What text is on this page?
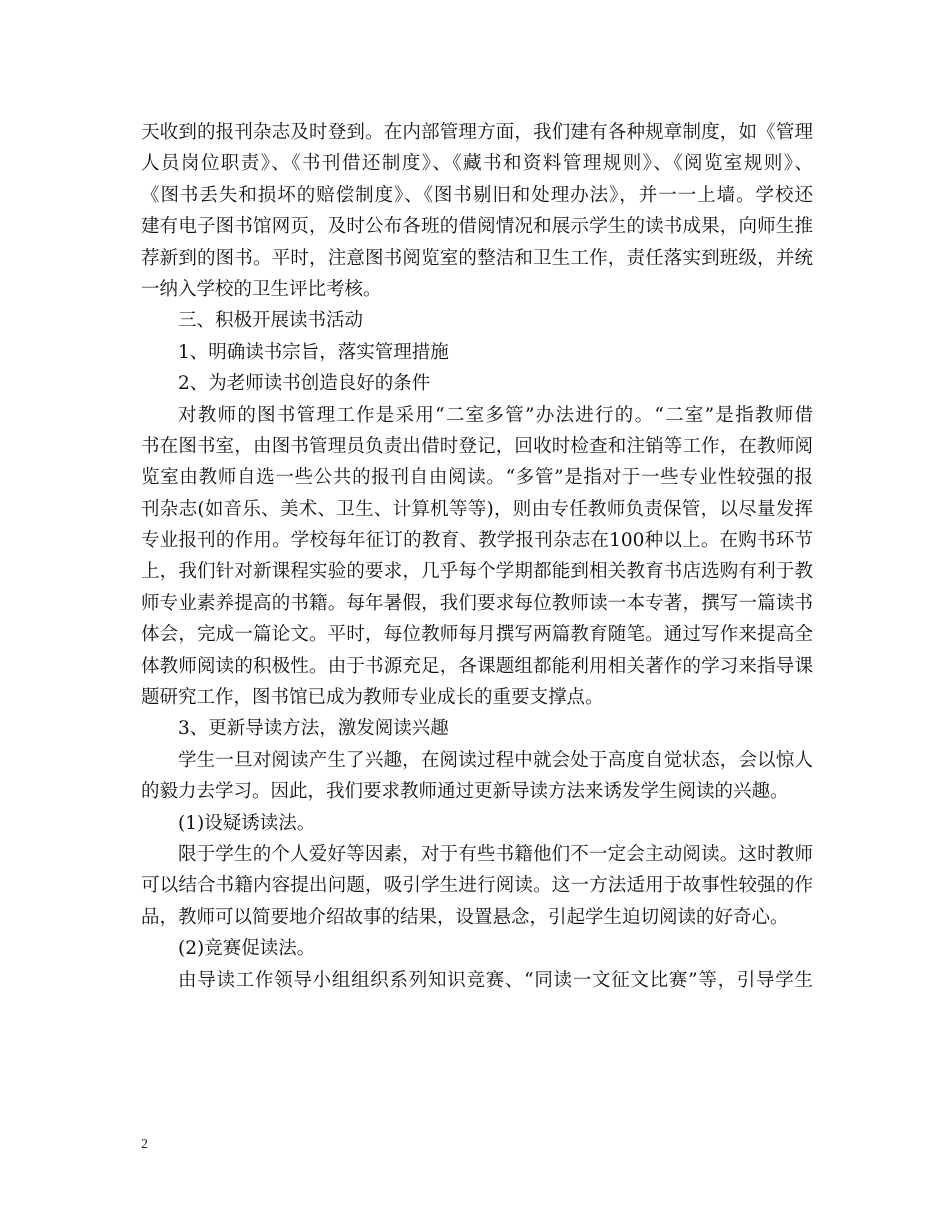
天收到的报刊杂志及时登到。在内部管理方面，我们建有各种规章制度，如《管理
人员岗位职责》、《书刊借还制度》、《藏书和资料管理规则》、《阅览室规则》、
《图书丢失和损坏的赔偿制度》、《图书剔旧和处理办法》，并一一上墙。学校还
建有电子图书馆网页，及时公布各班的借阅情况和展示学生的读书成果，向师生推
荐新到的图书。平时，注意图书阅览室的整洁和卫生工作，责任落实到班级，并统
一纳入学校的卫生评比考核。
三、积极开展读书活动
1、明确读书宗旨，落实管理措施
2、为老师读书创造良好的条件
对教师的图书管理工作是采用“二室多管”办法进行的。“二室”是指教师借
书在图书室，由图书管理员负责出借时登记，回收时检查和注销等工作，在教师阅
览室由教师自选一些公共的报刊自由阅读。“多管”是指对于一些专业性较强的报
刊杂志(如音乐、美术、卫生、计算机等等)，则由专任教师负责保管，以尽量发挥
专业报刊的作用。学校每年征订的教育、教学报刊杂志在100种以上。在购书环节
上，我们针对新课程实验的要求，几乎每个学期都能到相关教育书店选购有利于教
师专业素养提高的书籍。每年暑假，我们要求每位教师读一本专著，撰写一篇读书
体会，完成一篇论文。平时，每位教师每月撰写两篇教育随笔。通过写作来提高全
体教师阅读的积极性。由于书源充足，各课题组都能利用相关著作的学习来指导课
题研究工作，图书馆已成为教师专业成长的重要支撑点。
3、更新导读方法，激发阅读兴趣
学生一旦对阅读产生了兴趣，在阅读过程中就会处于高度自觉状态，会以惊人
的毅力去学习。因此，我们要求教师通过更新导读方法来诱发学生阅读的兴趣。
(1)设疑诱读法。
限于学生的个人爱好等因素，对于有些书籍他们不一定会主动阅读。这时教师
可以结合书籍内容提出问题，吸引学生进行阅读。这一方法适用于故事性较强的作
品，教师可以简要地介绍故事的结果，设置悬念，引起学生迫切阅读的好奇心。
(2)竞赛促读法。
由导读工作领导小组组织系列知识竞赛、“同读一文征文比赛”等，引导学生
2
